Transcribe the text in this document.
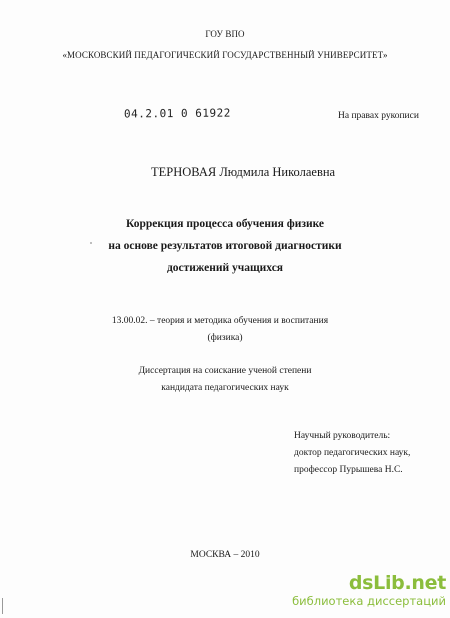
ГОУ ВПО
«МОСКОВСКИЙ ПЕДАГОГИЧЕСКИЙ ГОСУДАРСТВЕННЫЙ УНИВЕРСИТЕТ»
04.2.01 0 61922	На правах рукописи
ТЕРНОВАЯ Людмила Николаевна
Коррекция процесса обучения физике
на основе результатов итоговой диагностики
достижений учащихся
13.00.02. – теория и методика обучения и воспитания
(физика)
Диссертация на соискание ученой степени
кандидата педагогических наук
Научный руководитель:
доктор педагогических наук,
профессор Пурышева Н.С.
МОСКВА – 2010
dsLib.net
библиотека диссертаций
